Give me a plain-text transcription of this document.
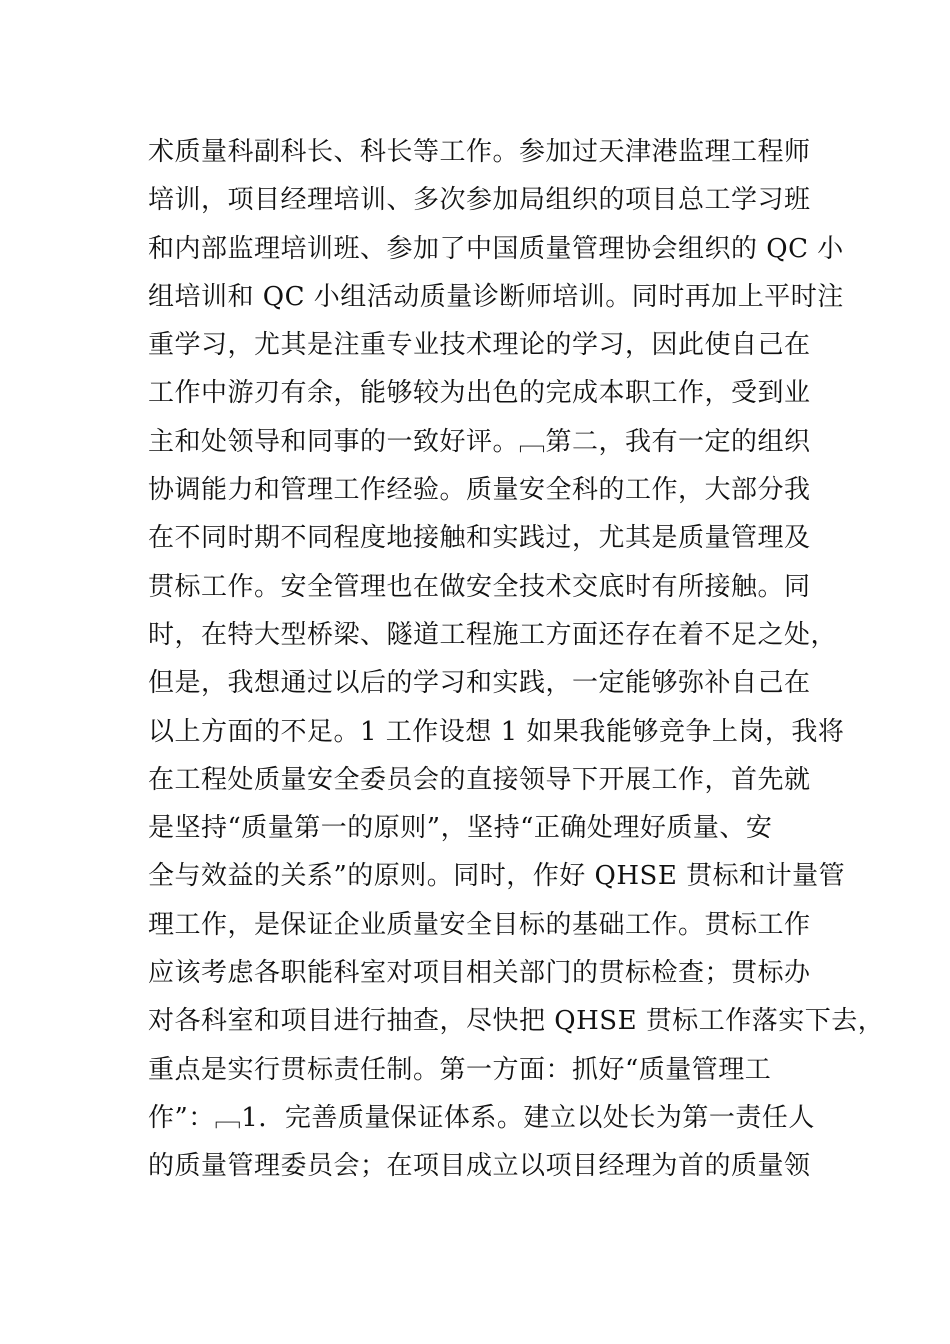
术质量科副科长、科长等工作。参加过天津港监理工程师
培训，项目经理培训、多次参加局组织的项目总工学习班
和内部监理培训班、参加了中国质量管理协会组织的 QC 小
组培训和 QC 小组活动质量诊断师培训。同时再加上平时注
重学习，尤其是注重专业技术理论的学习，因此使自己在
工作中游刃有余，能够较为出色的完成本职工作，受到业
主和处领导和同事的一致好评。﹇第二，我有一定的组织
协调能力和管理工作经验。质量安全科的工作，大部分我
在不同时期不同程度地接触和实践过，尤其是质量管理及
贯标工作。安全管理也在做安全技术交底时有所接触。同
时，在特大型桥梁、隧道工程施工方面还存在着不足之处，
但是，我想通过以后的学习和实践，一定能够弥补自己在
以上方面的不足。1 工作设想 1 如果我能够竞争上岗，我将
在工程处质量安全委员会的直接领导下开展工作，首先就
是坚持“质量第一的原则”，坚持“正确处理好质量、安
全与效益的关系”的原则。同时，作好 QHSE 贯标和计量管
理工作，是保证企业质量安全目标的基础工作。贯标工作
应该考虑各职能科室对项目相关部门的贯标检查；贯标办
对各科室和项目进行抽查，尽快把 QHSE 贯标工作落实下去，
重点是实行贯标责任制。第一方面：抓好“质量管理工
作”：﹇1．完善质量保证体系。建立以处长为第一责任人
的质量管理委员会；在项目成立以项目经理为首的质量领
